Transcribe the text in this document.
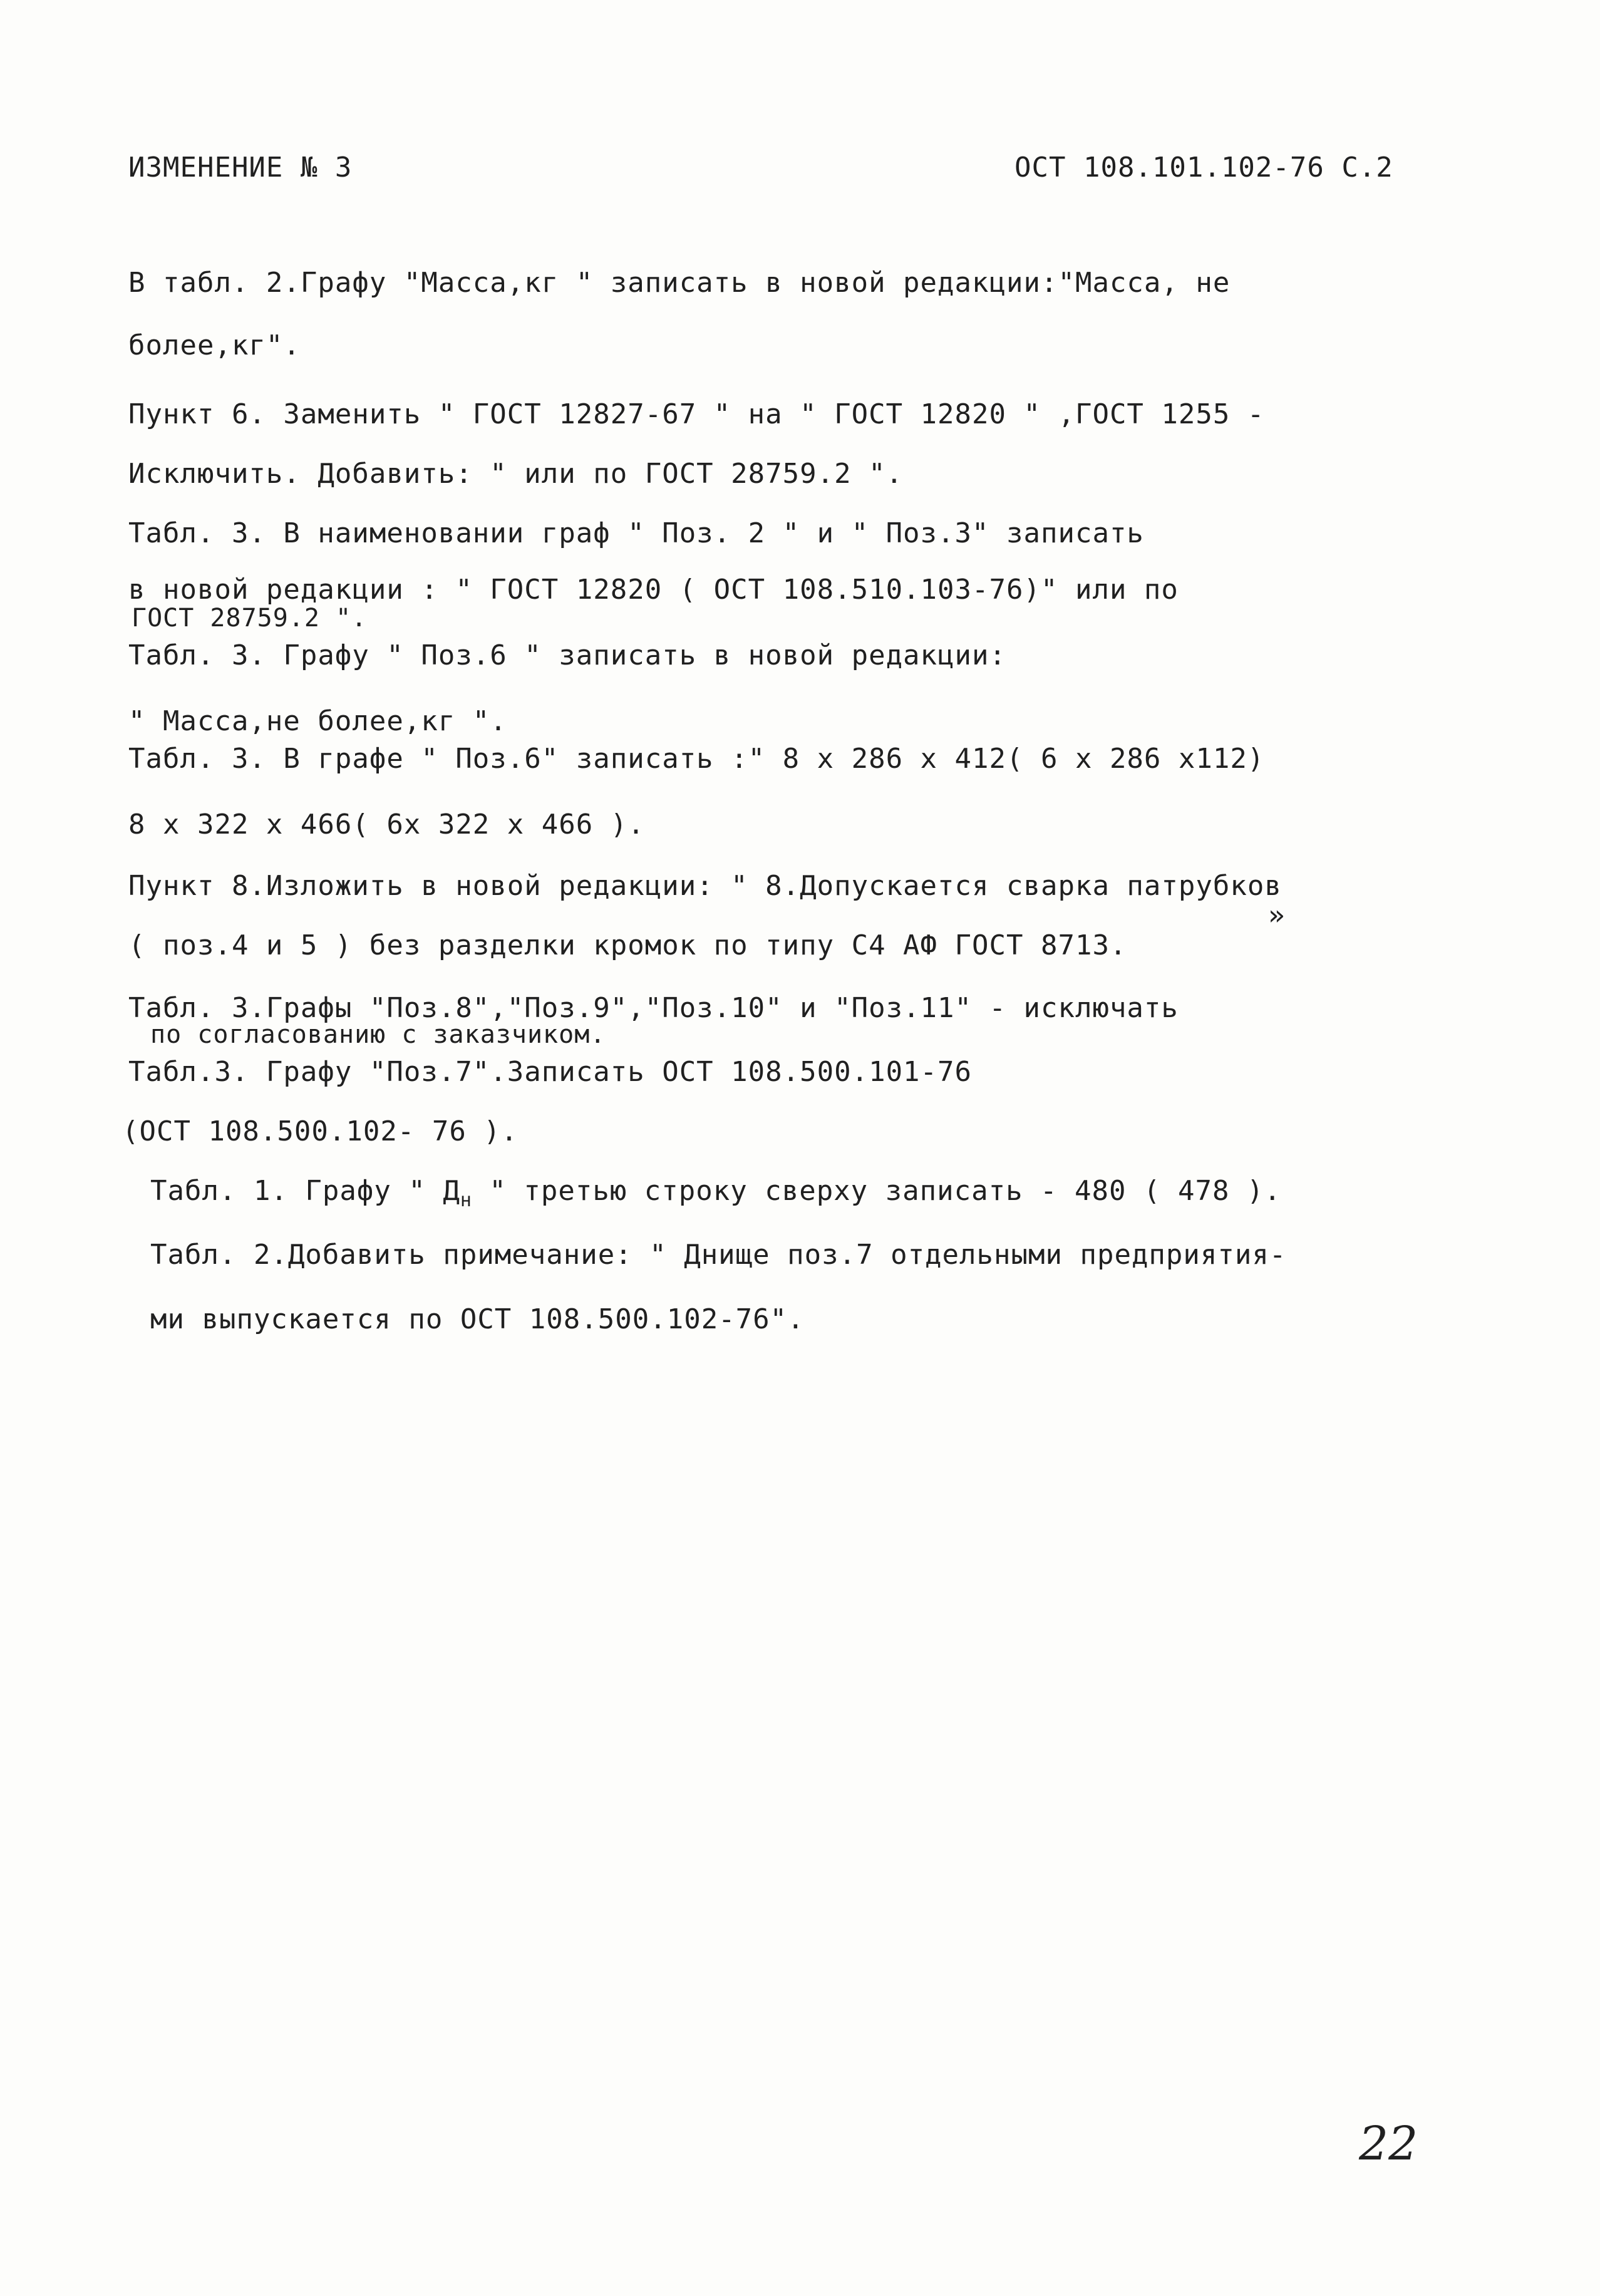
ИЗМЕНЕНИЕ № 3	ОСТ 108.101.102-76 С.2
В табл. 2.Графу "Масса,кг " записать в новой редакции:"Масса, не
более,кг".
Пункт 6. Заменить " ГОСТ 12827-67 " на " ГОСТ 12820 " ,ГОСТ 1255 -
Исключить. Добавить: " или по ГОСТ 28759.2 ".
Табл. 3. В наименовании граф " Поз. 2 " и " Поз.3" записать
в новой редакции : " ГОСТ 12820 ( ОСТ 108.510.103-76)" или по
ГОСТ 28759.2 ".
Табл. 3. Графу " Поз.6 " записать в новой редакции:
" Масса,не более,кг ".
Табл. 3. В графе " Поз.6" записать :" 8 х 286 х 412( 6 х 286 х112)
8 х 322 х 466( 6х 322 х 466 ).
Пункт 8.Изложить в новой редакции: " 8.Допускается сварка патрубков
»
( поз.4 и 5 ) без разделки кромок по типу С4 АФ ГОСТ 8713.
Табл. 3.Графы "Поз.8","Поз.9","Поз.10" и "Поз.11" - исключать
по согласованию с заказчиком.
Табл.3. Графу "Поз.7".Записать ОСТ 108.500.101-76
(ОСТ 108.500.102- 76 ).
Табл. 1. Графу " $Д_н$ " третью строку сверху записать - 480 ( 478 ).
Табл. 2.Добавить примечание: " Днище поз.7 отдельными предприятия-
ми выпускается по ОСТ 108.500.102-76".
22
